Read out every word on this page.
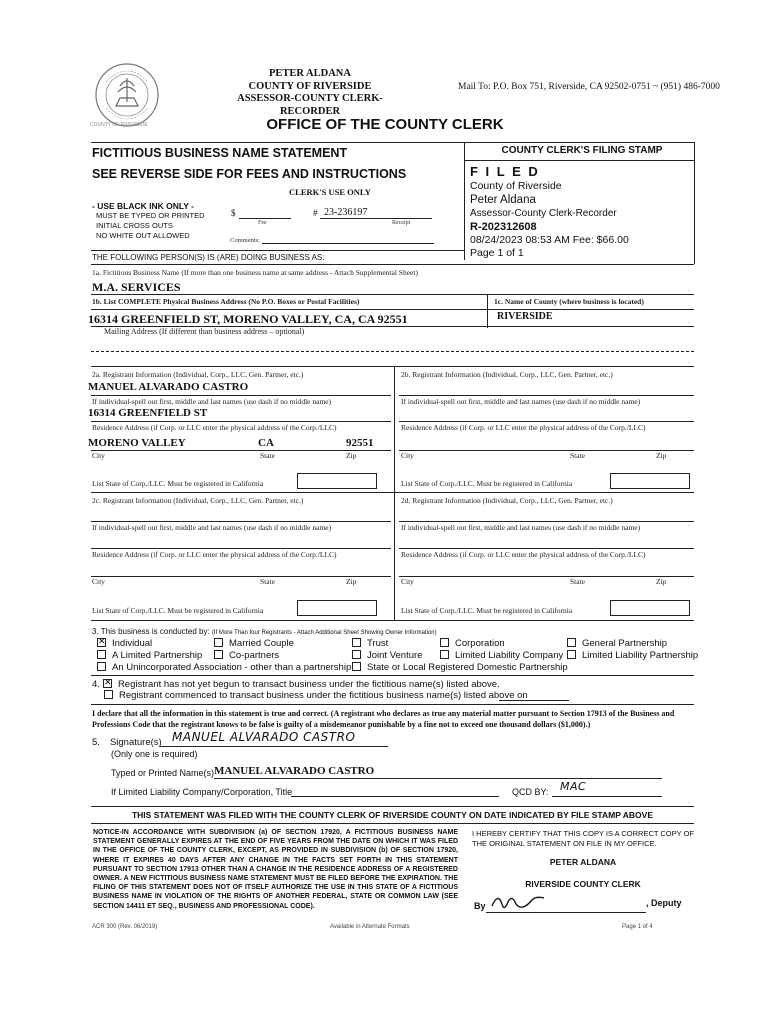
COUNTY OF RIVERSIDE
PETER ALDANA
COUNTY OF RIVERSIDE
ASSESSOR-COUNTY CLERK-RECORDER
Mail To: P.O. Box 751, Riverside, CA 92502-0751 ~ (951) 486-7000
OFFICE OF THE COUNTY CLERK
FICTITIOUS BUSINESS NAME STATEMENT
SEE REVERSE SIDE FOR FEES AND INSTRUCTIONS
COUNTY CLERK'S FILING STAMP
F I L E D
County of Riverside
Peter Aldana
Assessor-County Clerk-Recorder
R-202312608
08/24/2023 08:53 AM Fee: $66.00
Page 1 of 1
CLERK'S USE ONLY
- USE BLACK INK ONLY -
MUST BE TYPED OR PRINTED
INITIAL CROSS OUTS
NO WHITE OUT ALLOWED
$
Fee
# 23-236197
Receipt
Comments:
THE FOLLOWING PERSON(S) IS (ARE) DOING BUSINESS AS:
1a. Fictitious Business Name (If more than one business name at same address - Attach Supplemental Sheet)
M.A. SERVICES
1b. List COMPLETE Physical Business Address (No P.O. Boxes or Postal Facilities)	1c. Name of County (where business is located)
16314 GREENFIELD ST, MORENO VALLEY, CA, CA 92551	RIVERSIDE
Mailing Address (If different than business address – optional)
2a. Registrant Information (Individual, Corp., LLC, Gen. Partner, etc.)
MANUEL ALVARADO CASTRO
If individual-spell out first, middle and last names (use dash if no middle name)
16314 GREENFIELD ST
Residence Address (if Corp. or LLC enter the physical address of the Corp./LLC)
MORENO VALLEY	CA	92551
City	State	Zip
List State of Corp./LLC. Must be registered in California
2b. Registrant Information (Individual, Corp., LLC, Gen. Partner, etc.)
If individual-spell out first, middle and last names (use dash if no middle name)
Residence Address (if Corp. or LLC enter the physical address of the Corp./LLC)
City	State	Zip
List State of Corp./LLC. Must be registered in California
2c. Registrant Information (Individual, Corp., LLC, Gen. Partner, etc.)
If individual-spell out first, middle and last names (use dash if no middle name)
Residence Address (if Corp. or LLC enter the physical address of the Corp./LLC)
City	State	Zip
List State of Corp./LLC. Must be registered in California
2d. Registrant Information (Individual, Corp., LLC, Gen. Partner, etc.)
If individual-spell out first, middle and last names (use dash if no middle name)
Residence Address (if Corp. or LLC enter the physical address of the Corp./LLC)
City	State	Zip
List State of Corp./LLC. Must be registered in California
3. This business is conducted by: (If More Than four Registrants - Attach Additional Sheet Showing Owner Information)
✕Individual	Married Couple	Trust	Corporation	General Partnership
A Limited Partnership	Co-partners	Joint Venture	Limited Liability Company	Limited Liability Partnership
An Unincorporated Association - other than a partnership	State or Local Registered Domestic Partnership
4.✕ Registrant has not yet begun to transact business under the fictitious name(s) listed above.
Registrant commenced to transact business under the fictitious business name(s) listed above on
I declare that all the information in this statement is true and correct. (A registrant who declares as true any material matter pursuant to Section 17913 of the Business and Professions Code that the registrant knows to be false is guilty of a misdemeanor punishable by a fine not to exceed one thousand dollars ($1,000).)
5. Signature(s) MANUEL ALVARADO CASTRO
(Only one is required)
Typed or Printed Name(s) MANUEL ALVARADO CASTRO
If Limited Liability Company/Corporation, Title	QCD BY: MAC
THIS STATEMENT WAS FILED WITH THE COUNTY CLERK OF RIVERSIDE COUNTY ON DATE INDICATED BY FILE STAMP ABOVE
NOTICE-IN ACCORDANCE WITH SUBDIVISION (a) OF SECTION 17920, A FICTITIOUS BUSINESS NAME STATEMENT GENERALLY EXPIRES AT THE END OF FIVE YEARS FROM THE DATE ON WHICH IT WAS FILED IN THE OFFICE OF THE COUNTY CLERK, EXCEPT, AS PROVIDED IN SUBDIVISION (b) OF SECTION 17920, WHERE IT EXPIRES 40 DAYS AFTER ANY CHANGE IN THE FACTS SET FORTH IN THIS STATEMENT PURSUANT TO SECTION 17913 OTHER THAN A CHANGE IN THE RESIDENCE ADDRESS OF A REGISTERED OWNER. A NEW FICTITIOUS BUSINESS NAME STATEMENT MUST BE FILED BEFORE THE EXPIRATION. THE FILING OF THIS STATEMENT DOES NOT OF ITSELF AUTHORIZE THE USE IN THIS STATE OF A FICTITIOUS BUSINESS NAME IN VIOLATION OF THE RIGHTS OF ANOTHER FEDERAL, STATE OR COMMON LAW (SEE SECTION 14411 ET SEQ., BUSINESS AND PROFESSIONAL CODE).
I HEREBY CERTIFY THAT THIS COPY IS A CORRECT COPY OF THE ORIGINAL STATEMENT ON FILE IN MY OFFICE.
PETER ALDANA
RIVERSIDE COUNTY CLERK
By	, Deputy
ACR 300 (Rev. 06/2019)	Available in Alternate Formats	Page 1 of 4
